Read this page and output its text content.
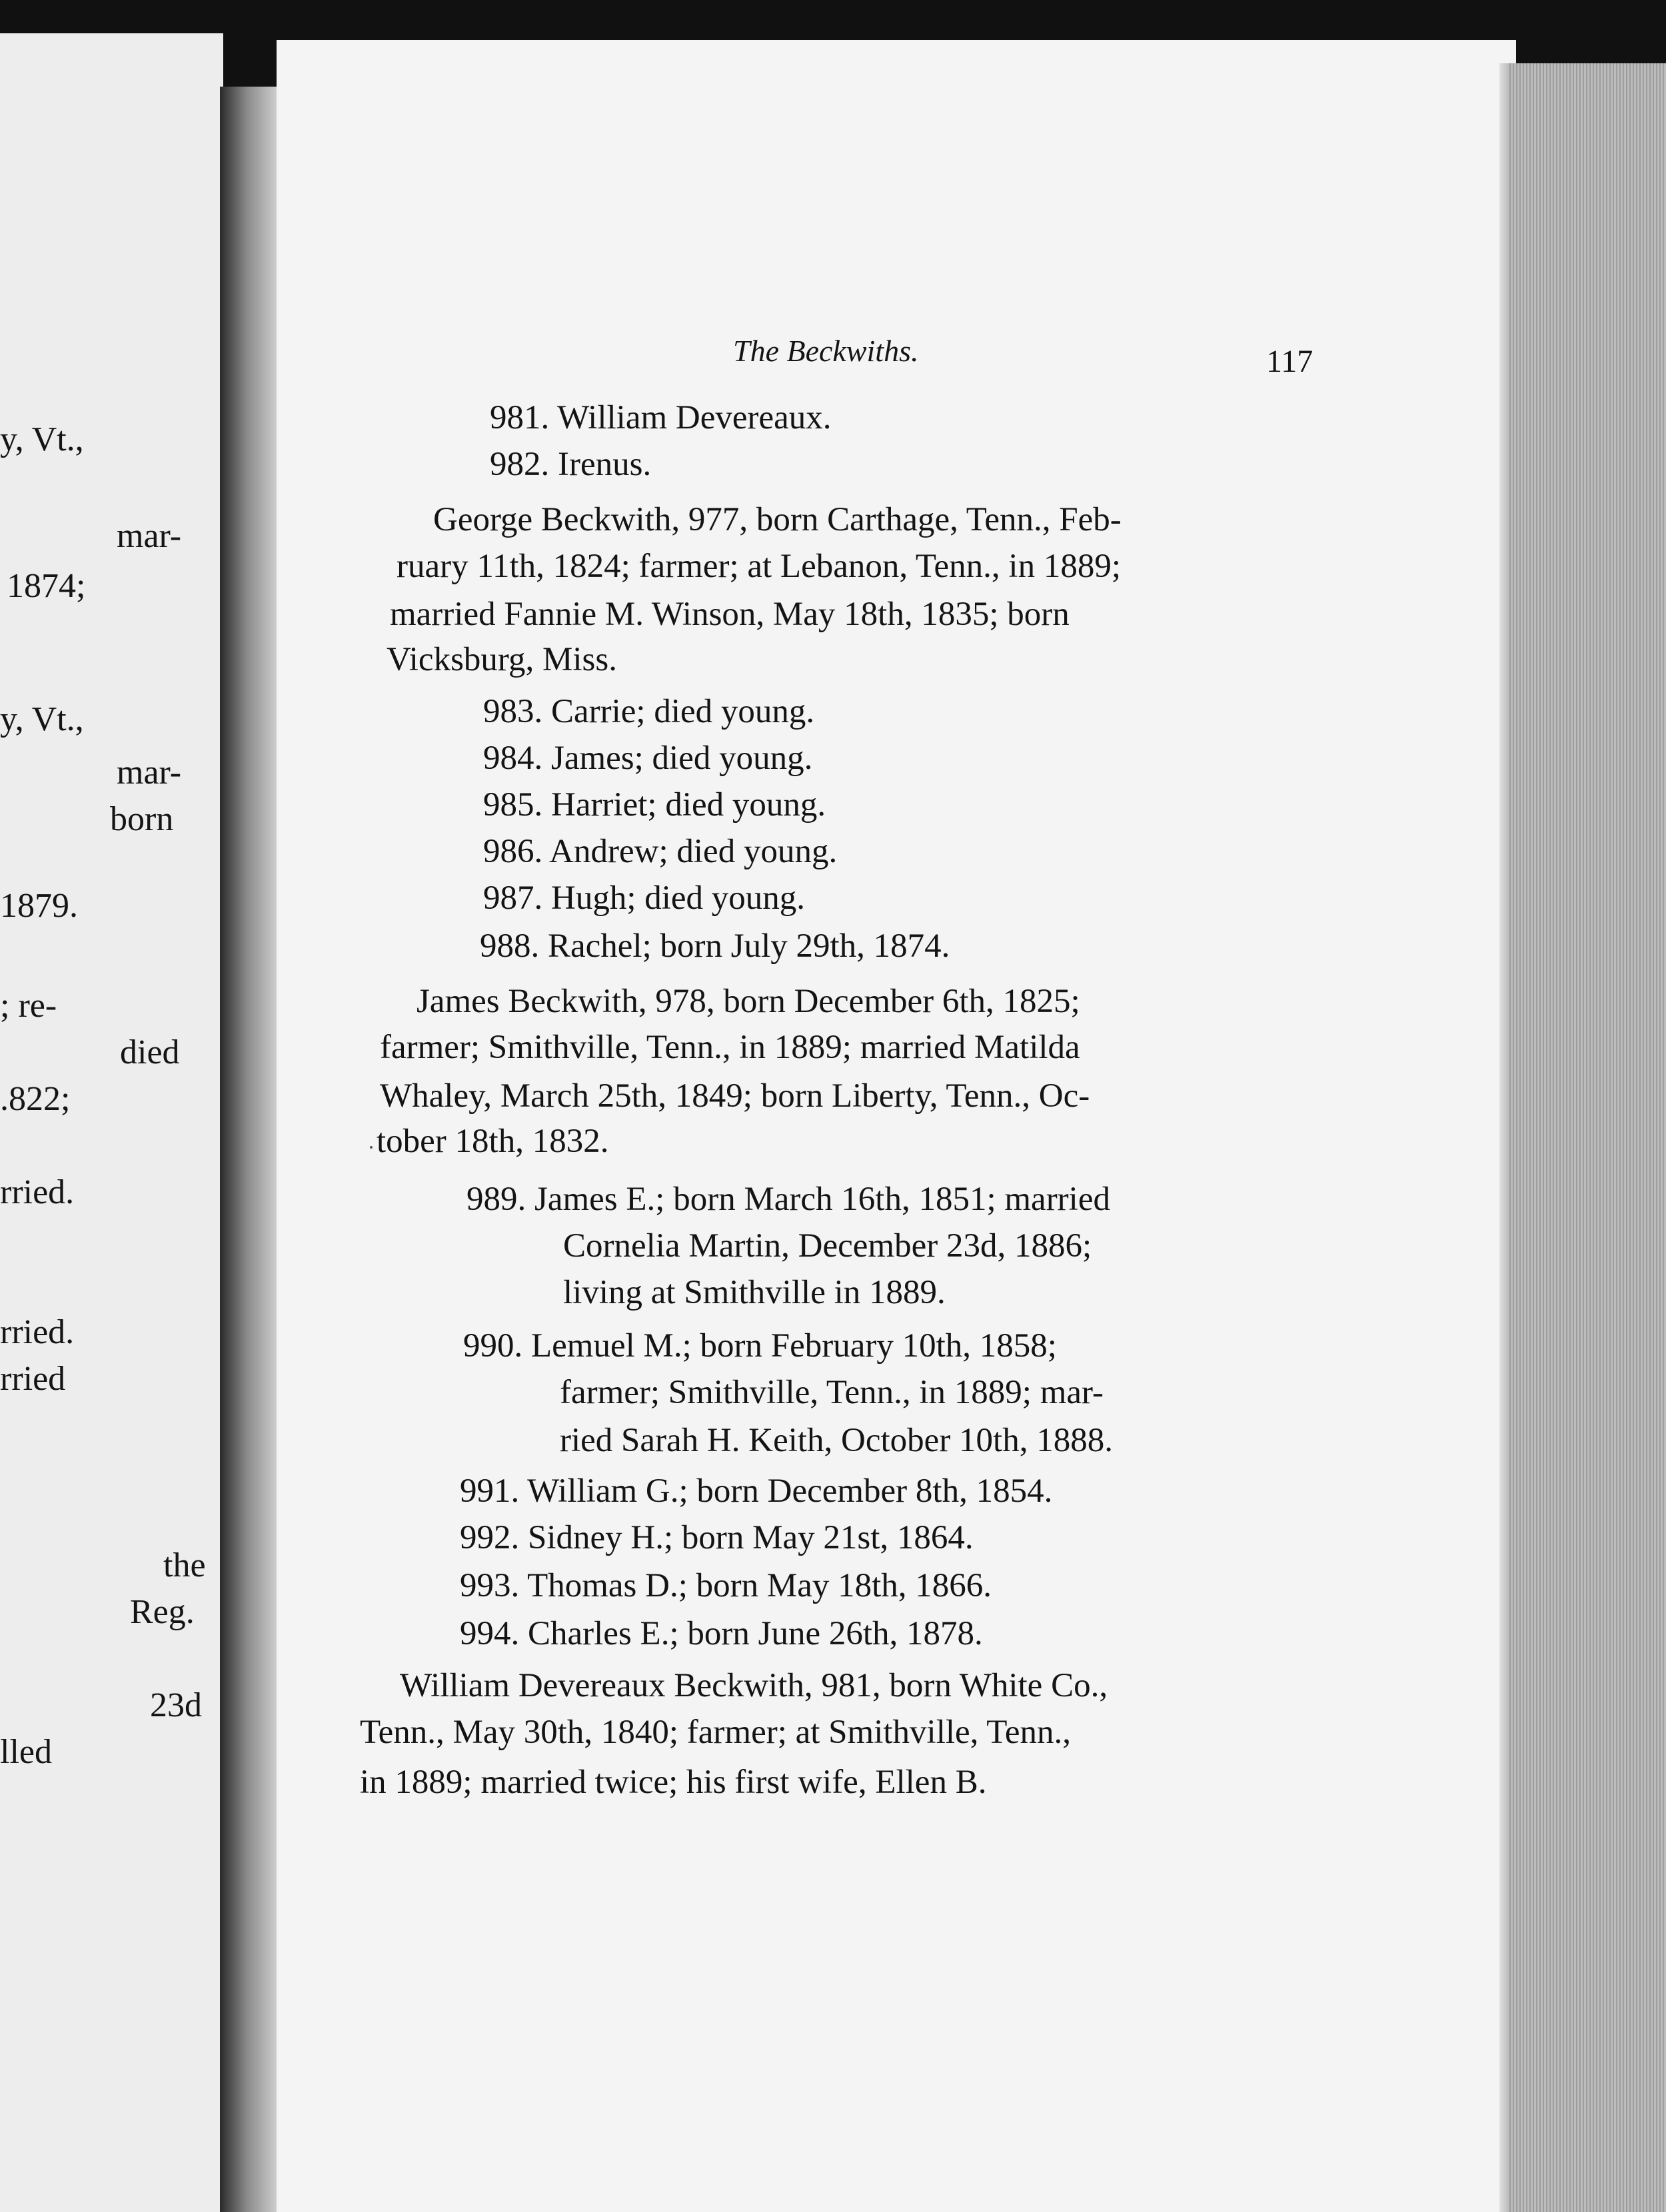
y, Vt.,
mar-
1874;
y, Vt.,
mar-
born
1879.
; re-
died
.822;
rried.
rried.
rried
the
Reg.
23d
lled
The Beckwiths.	117
981. William Devereaux.
982. Irenus.
George Beckwith, 977, born Carthage, Tenn., Feb-
ruary 11th, 1824; farmer; at Lebanon, Tenn., in 1889;
married Fannie M. Winson, May 18th, 1835; born
Vicksburg, Miss.
983. Carrie; died young.
984. James; died young.
985. Harriet; died young.
986. Andrew; died young.
987. Hugh; died young.
988. Rachel; born July 29th, 1874.
James Beckwith, 978, born December 6th, 1825;
farmer; Smithville, Tenn., in 1889; married Matilda
Whaley, March 25th, 1849; born Liberty, Tenn., Oc-
tober 18th, 1832.
989. James E.; born March 16th, 1851; married
Cornelia Martin, December 23d, 1886;
living at Smithville in 1889.
990. Lemuel M.; born February 10th, 1858;
farmer; Smithville, Tenn., in 1889; mar-
ried Sarah H. Keith, October 10th, 1888.
991. William G.; born December 8th, 1854.
992. Sidney H.; born May 21st, 1864.
993. Thomas D.; born May 18th, 1866.
994. Charles E.; born June 26th, 1878.
William Devereaux Beckwith, 981, born White Co.,
Tenn., May 30th, 1840; farmer; at Smithville, Tenn.,
in 1889; married twice; his first wife, Ellen B.
